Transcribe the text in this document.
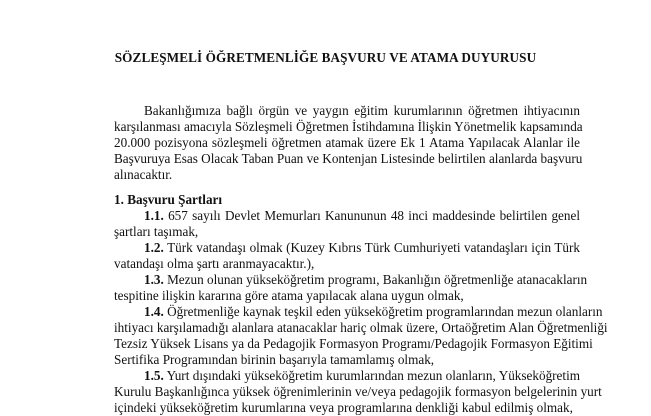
SÖZLEŞMELİ ÖĞRETMENLİĞE BAŞVURU VE ATAMA DUYURUSU
Bakanlığımıza bağlı örgün ve yaygın eğitim kurumlarının öğretmen ihtiyacının
karşılanması amacıyla Sözleşmeli Öğretmen İstihdamına İlişkin Yönetmelik kapsamında
20.000 pozisyona sözleşmeli öğretmen atamak üzere Ek 1 Atama Yapılacak Alanlar ile
Başvuruya Esas Olacak Taban Puan ve Kontenjan Listesinde belirtilen alanlarda başvuru
alınacaktır.
1. Başvuru Şartları
1.1. 657 sayılı Devlet Memurları Kanununun 48 inci maddesinde belirtilen genel
şartları taşımak,
1.2. Türk vatandaşı olmak (Kuzey Kıbrıs Türk Cumhuriyeti vatandaşları için Türk
vatandaşı olma şartı aranmayacaktır.),
1.3. Mezun olunan yükseköğretim programı, Bakanlığın öğretmenliğe atanacakların
tespitine ilişkin kararına göre atama yapılacak alana uygun olmak,
1.4. Öğretmenliğe kaynak teşkil eden yükseköğretim programlarından mezun olanların
ihtiyacı karşılamadığı alanlara atanacaklar hariç olmak üzere, Ortaöğretim Alan Öğretmenliği
Tezsiz Yüksek Lisans ya da Pedagojik Formasyon Programı/Pedagojik Formasyon Eğitimi
Sertifika Programından birinin başarıyla tamamlamış olmak,
1.5. Yurt dışındaki yükseköğretim kurumlarından mezun olanların, Yükseköğretim
Kurulu Başkanlığınca yüksek öğrenimlerinin ve/veya pedagojik formasyon belgelerinin yurt
içindeki yükseköğretim kurumlarına veya programlarına denkliği kabul edilmiş olmak,
